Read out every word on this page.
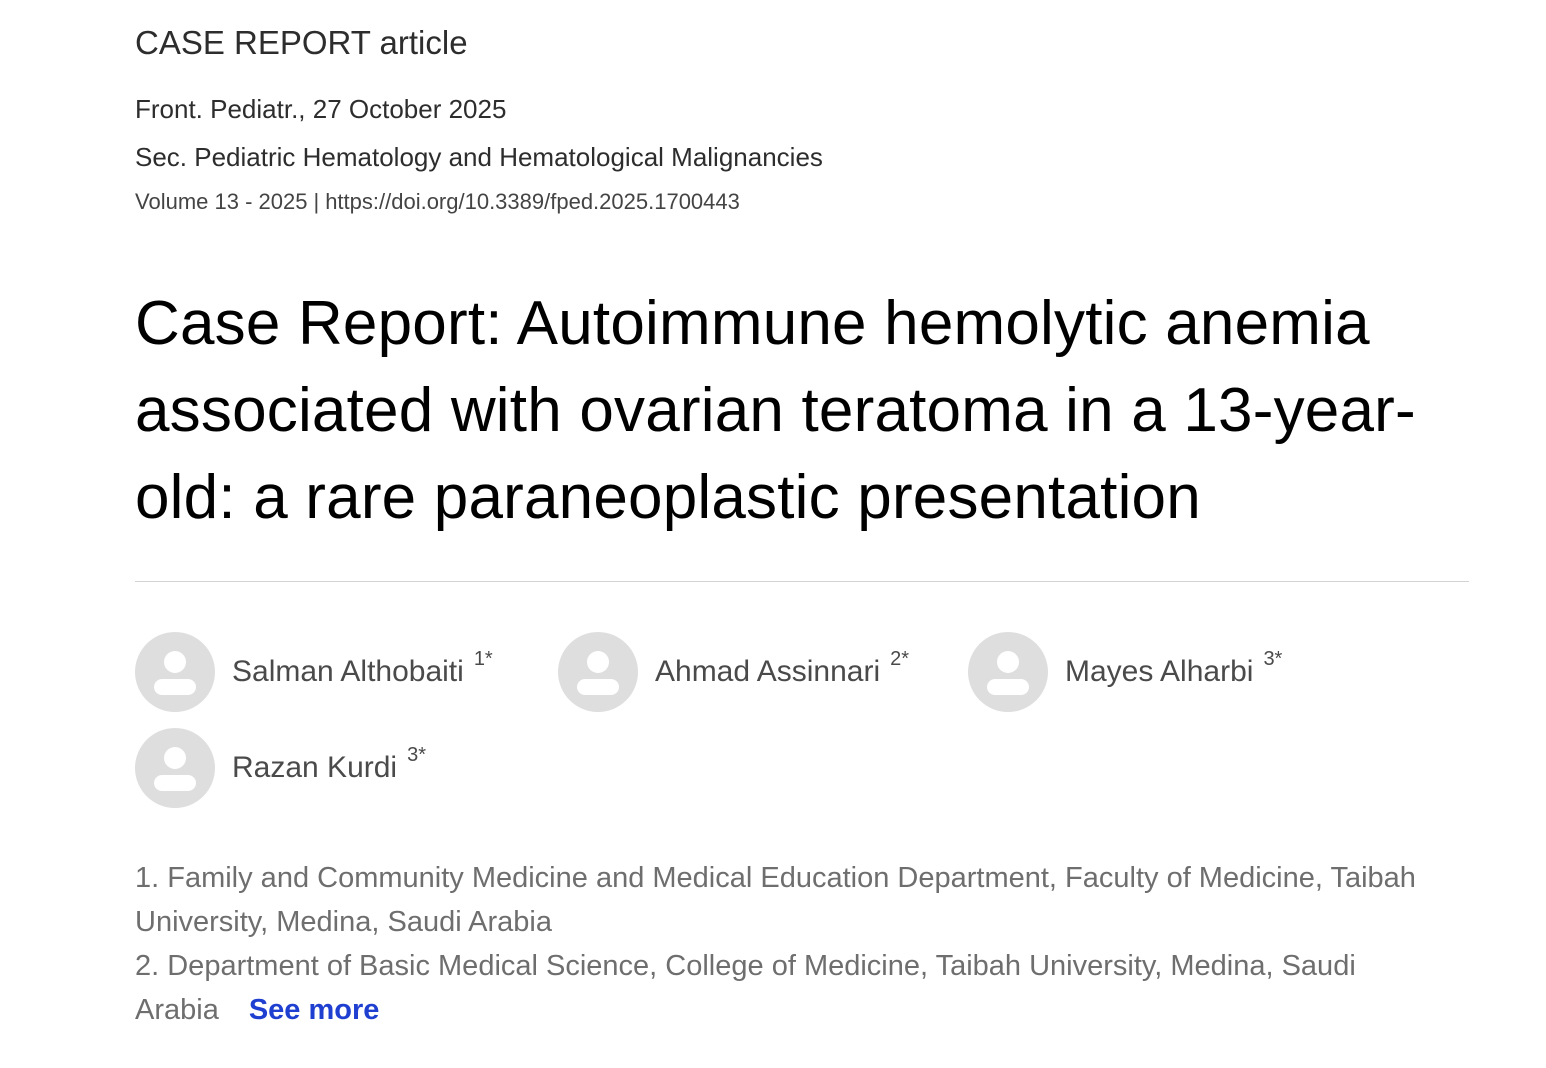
CASE REPORT article
Front. Pediatr., 27 October 2025
Sec. Pediatric Hematology and Hematological Malignancies
Volume 13 - 2025 | https://doi.org/10.3389/fped.2025.1700443
Case Report: Autoimmune hemolytic anemia associated with ovarian teratoma in a 13-year-old: a rare paraneoplastic presentation
Salman Althobaiti $^{1*}$	Ahmad Assinnari $^{2*}$	Mayes Alharbi $^{3*}$
Razan Kurdi $^{3*}$

1. Family and Community Medicine and Medical Education Department, Faculty of Medicine, Taibah University, Medina, Saudi Arabia

2. Department of Basic Medical Science, College of Medicine, Taibah University, Medina, Saudi Arabia See more
